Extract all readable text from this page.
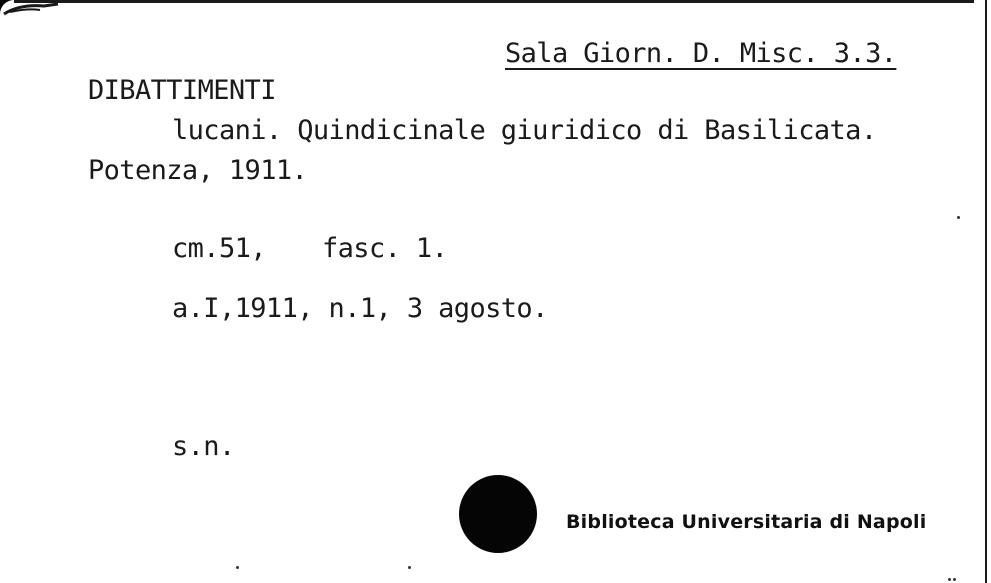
Sala Giorn. D. Misc. 3.3.
DIBATTIMENTI
lucani. Quindicinale giuridico di Basilicata.
Potenza, 1911.
cm.51, fasc. 1.
a.I,1911, n.1, 3 agosto.
s.n.
Biblioteca Universitaria di Napoli
